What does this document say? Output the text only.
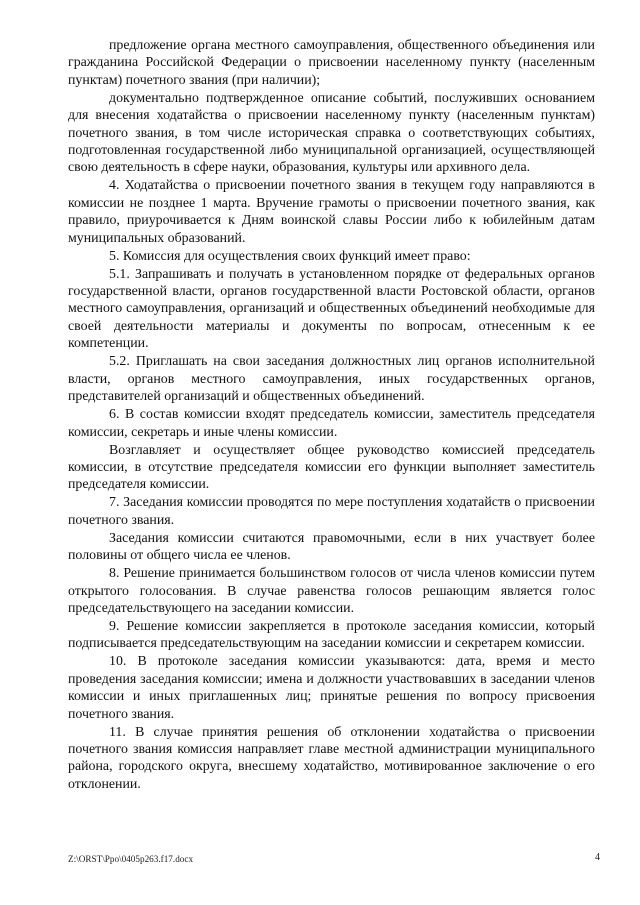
предложение органа местного самоуправления, общественного объединения или гражданина Российской Федерации о присвоении населенному пункту (населенным пунктам) почетного звания (при наличии);

документально подтвержденное описание событий, послуживших основанием для внесения ходатайства о присвоении населенному пункту (населенным пунктам) почетного звания, в том числе историческая справка о соответствующих событиях, подготовленная государственной либо муниципальной организацией, осуществляющей свою деятельность в сфере науки, образования, культуры или архивного дела.

4. Ходатайства о присвоении почетного звания в текущем году направляются в комиссии не позднее 1 марта. Вручение грамоты о присвоении почетного звания, как правило, приурочивается к Дням воинской славы России либо к юбилейным датам муниципальных образований.

5. Комиссия для осуществления своих функций имеет право:

5.1. Запрашивать и получать в установленном порядке от федеральных органов государственной власти, органов государственной власти Ростовской области, органов местного самоуправления, организаций и общественных объединений необходимые для своей деятельности материалы и документы по вопросам, отнесенным к ее компетенции.

5.2. Приглашать на свои заседания должностных лиц органов исполнительной власти, органов местного самоуправления, иных государственных органов, представителей организаций и общественных объединений.

6. В состав комиссии входят председатель комиссии, заместитель председателя комиссии, секретарь и иные члены комиссии.

Возглавляет и осуществляет общее руководство комиссией председатель комиссии, в отсутствие председателя комиссии его функции выполняет заместитель председателя комиссии.

7. Заседания комиссии проводятся по мере поступления ходатайств о присвоении почетного звания.

Заседания комиссии считаются правомочными, если в них участвует более половины от общего числа ее членов.

8. Решение принимается большинством голосов от числа членов комиссии путем открытого голосования. В случае равенства голосов решающим является голос председательствующего на заседании комиссии.

9. Решение комиссии закрепляется в протоколе заседания комиссии, который подписывается председательствующим на заседании комиссии и секретарем комиссии.

10. В протоколе заседания комиссии указываются: дата, время и место проведения заседания комиссии; имена и должности участвовавших в заседании членов комиссии и иных приглашенных лиц; принятые решения по вопросу присвоения почетного звания.

11. В случае принятия решения об отклонении ходатайства о присвоении почетного звания комиссия направляет главе местной администрации муниципального района, городского округа, внесшему ходатайство, мотивированное заключение о его отклонении.

Z:\ORST\Ppo\0405p263.f17.docx	4
